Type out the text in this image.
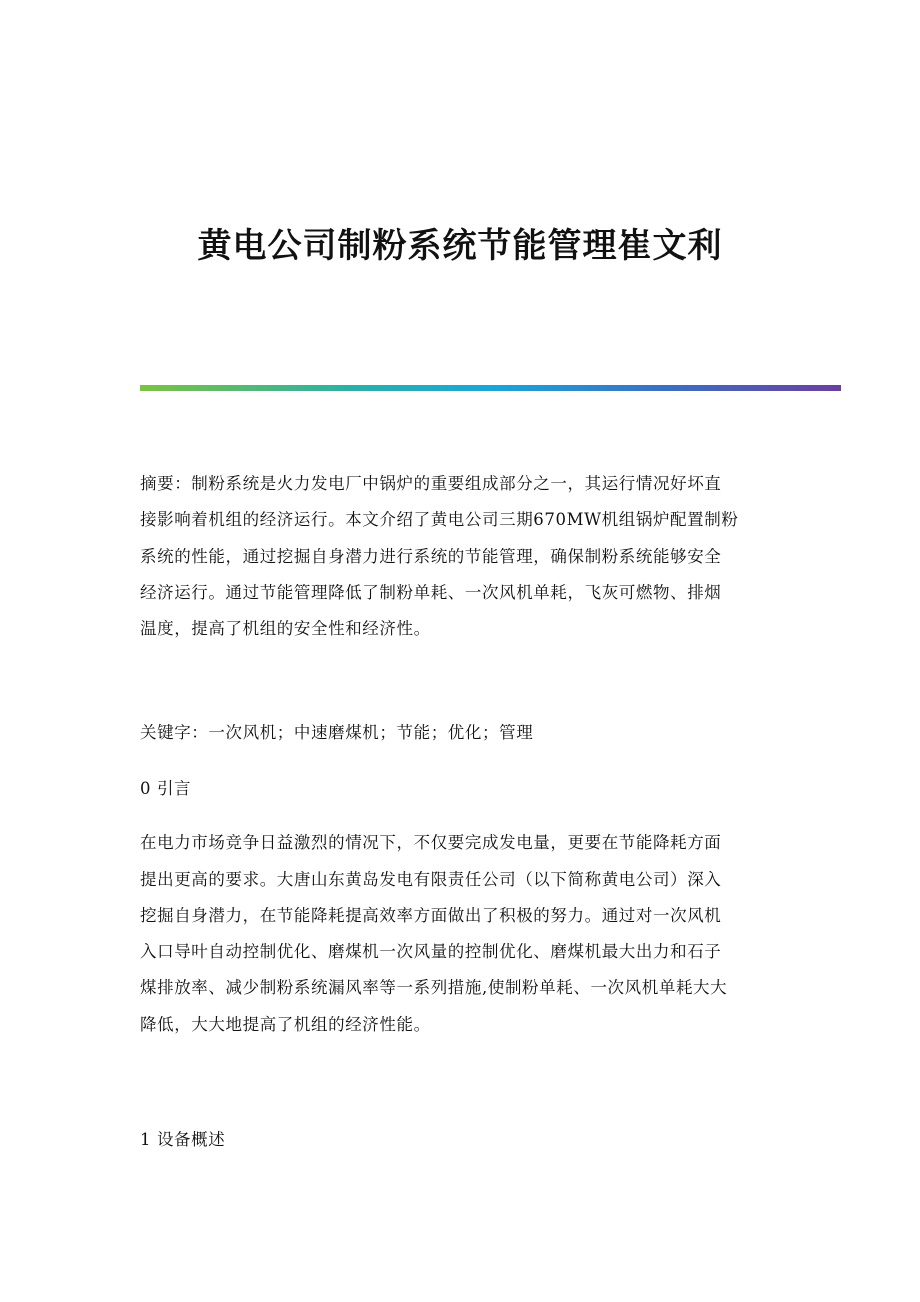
黄电公司制粉系统节能管理崔文利
摘要：制粉系统是火力发电厂中锅炉的重要组成部分之一，其运行情况好坏直
接影响着机组的经济运行。本文介绍了黄电公司三期670MW机组锅炉配置制粉
系统的性能，通过挖掘自身潜力进行系统的节能管理，确保制粉系统能够安全
经济运行。通过节能管理降低了制粉单耗、一次风机单耗，飞灰可燃物、排烟
温度，提高了机组的安全性和经济性。
关键字：一次风机；中速磨煤机；节能；优化；管理
0 引言
在电力市场竞争日益激烈的情况下，不仅要完成发电量，更要在节能降耗方面
提出更高的要求。大唐山东黄岛发电有限责任公司（以下简称黄电公司）深入
挖掘自身潜力，在节能降耗提高效率方面做出了积极的努力。通过对一次风机
入口导叶自动控制优化、磨煤机一次风量的控制优化、磨煤机最大出力和石子
煤排放率、减少制粉系统漏风率等一系列措施,使制粉单耗、一次风机单耗大大
降低，大大地提高了机组的经济性能。
1 设备概述
